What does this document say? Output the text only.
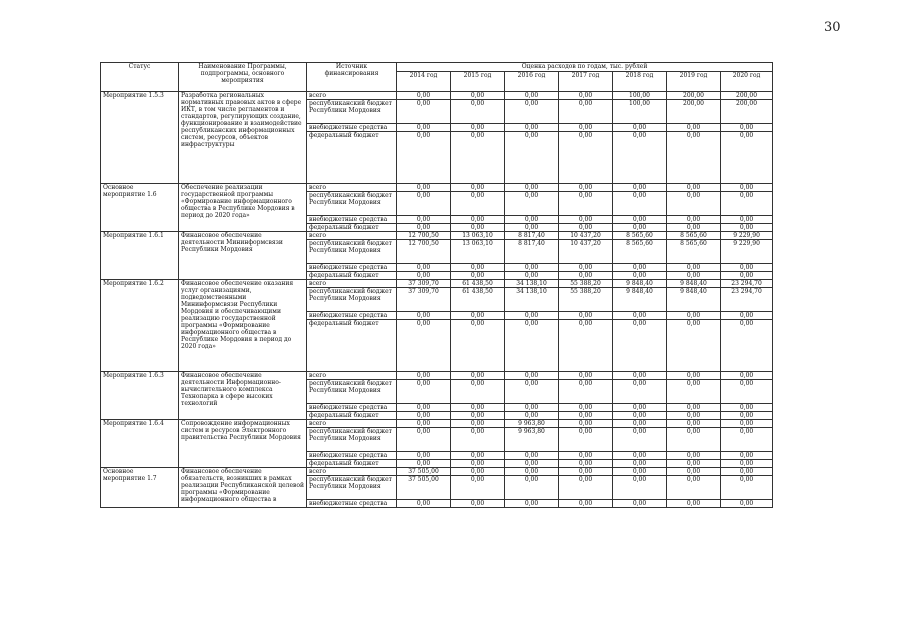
30
Статус	Наименование Программы, подпрограммы, основного мероприятия	Источник финансирования	Оценка расходов по годам, тыс. рублей						
			2014 год	2015 год	2016 год	2017 год	2018 год	2019 год	2020 год
Мероприятие 1.5.3	Разработка региональных нормативных правовых актов в сфере ИКТ, в том числе регламентов и стандартов, регулирующих создание, функционирование и взаимодействие республиканских информационных систем, ресурсов, объектов инфраструктуры	всего	0,00	0,00	0,00	0,00	100,00	200,00	200,00
		республиканский бюджет Республики Мордовия	0,00	0,00	0,00	0,00	100,00	200,00	200,00
		внебюджетные средства	0,00	0,00	0,00	0,00	0,00	0,00	0,00
		федеральный бюджет	0,00	0,00	0,00	0,00	0,00	0,00	0,00
Основное мероприятие 1.6	Обеспечение реализации государственной программы «Формирование информационного общества в Республике Мордовия в период до 2020 года»	всего	0,00	0,00	0,00	0,00	0,00	0,00	0,00
		республиканский бюджет Республики Мордовия	0,00	0,00	0,00	0,00	0,00	0,00	0,00
		внебюджетные средства	0,00	0,00	0,00	0,00	0,00	0,00	0,00
		федеральный бюджет	0,00	0,00	0,00	0,00	0,00	0,00	0,00
Мероприятие 1.6.1	Финансовое обеспечение деятельности Мининформсвязи Республики Мордовия	всего	12 700,50	13 063,10	8 817,40	10 437,20	8 565,60	8 565,60	9 229,90
		республиканский бюджет Республики Мордовия	12 700,50	13 063,10	8 817,40	10 437,20	8 565,60	8 565,60	9 229,90
		внебюджетные средства	0,00	0,00	0,00	0,00	0,00	0,00	0,00
		федеральный бюджет	0,00	0,00	0,00	0,00	0,00	0,00	0,00
Мероприятие 1.6.2	Финансовое обеспечение оказания услуг организациями, подведомственными Мининформсвязи Республики Мордовия и обеспечивающими реализацию государственной программы «Формирование информационного общества в Республике Мордовия в период до 2020 года»	всего	37 309,70	61 438,50	34 138,10	55 388,20	9 848,40	9 848,40	23 294,70
		республиканский бюджет Республики Мордовия	37 309,70	61 438,50	34 138,10	55 388,20	9 848,40	9 848,40	23 294,70
		внебюджетные средства	0,00	0,00	0,00	0,00	0,00	0,00	0,00
		федеральный бюджет	0,00	0,00	0,00	0,00	0,00	0,00	0,00
Мероприятие 1.6.3	Финансовое обеспечение деятельности Информационно-вычислительного комплекса Технопарка в сфере высоких технологий	всего	0,00	0,00	0,00	0,00	0,00	0,00	0,00
		республиканский бюджет Республики Мордовия	0,00	0,00	0,00	0,00	0,00	0,00	0,00
		внебюджетные средства	0,00	0,00	0,00	0,00	0,00	0,00	0,00
		федеральный бюджет	0,00	0,00	0,00	0,00	0,00	0,00	0,00
Мероприятие 1.6.4	Сопровождение информационных систем и ресурсов Электронного правительства Республики Мордовия	всего	0,00	0,00	9 963,80	0,00	0,00	0,00	0,00
		республиканский бюджет Республики Мордовия	0,00	0,00	9 963,80	0,00	0,00	0,00	0,00
		внебюджетные средства	0,00	0,00	0,00	0,00	0,00	0,00	0,00
		федеральный бюджет	0,00	0,00	0,00	0,00	0,00	0,00	0,00
Основное мероприятие 1.7	Финансовое обеспечение обязательств, возникших в рамках реализации Республиканской целевой программы «Формирование информационного общества в	всего	37 505,00	0,00	0,00	0,00	0,00	0,00	0,00
		республиканский бюджет Республики Мордовия	37 505,00	0,00	0,00	0,00	0,00	0,00	0,00
		внебюджетные средства	0,00	0,00	0,00	0,00	0,00	0,00	0,00
